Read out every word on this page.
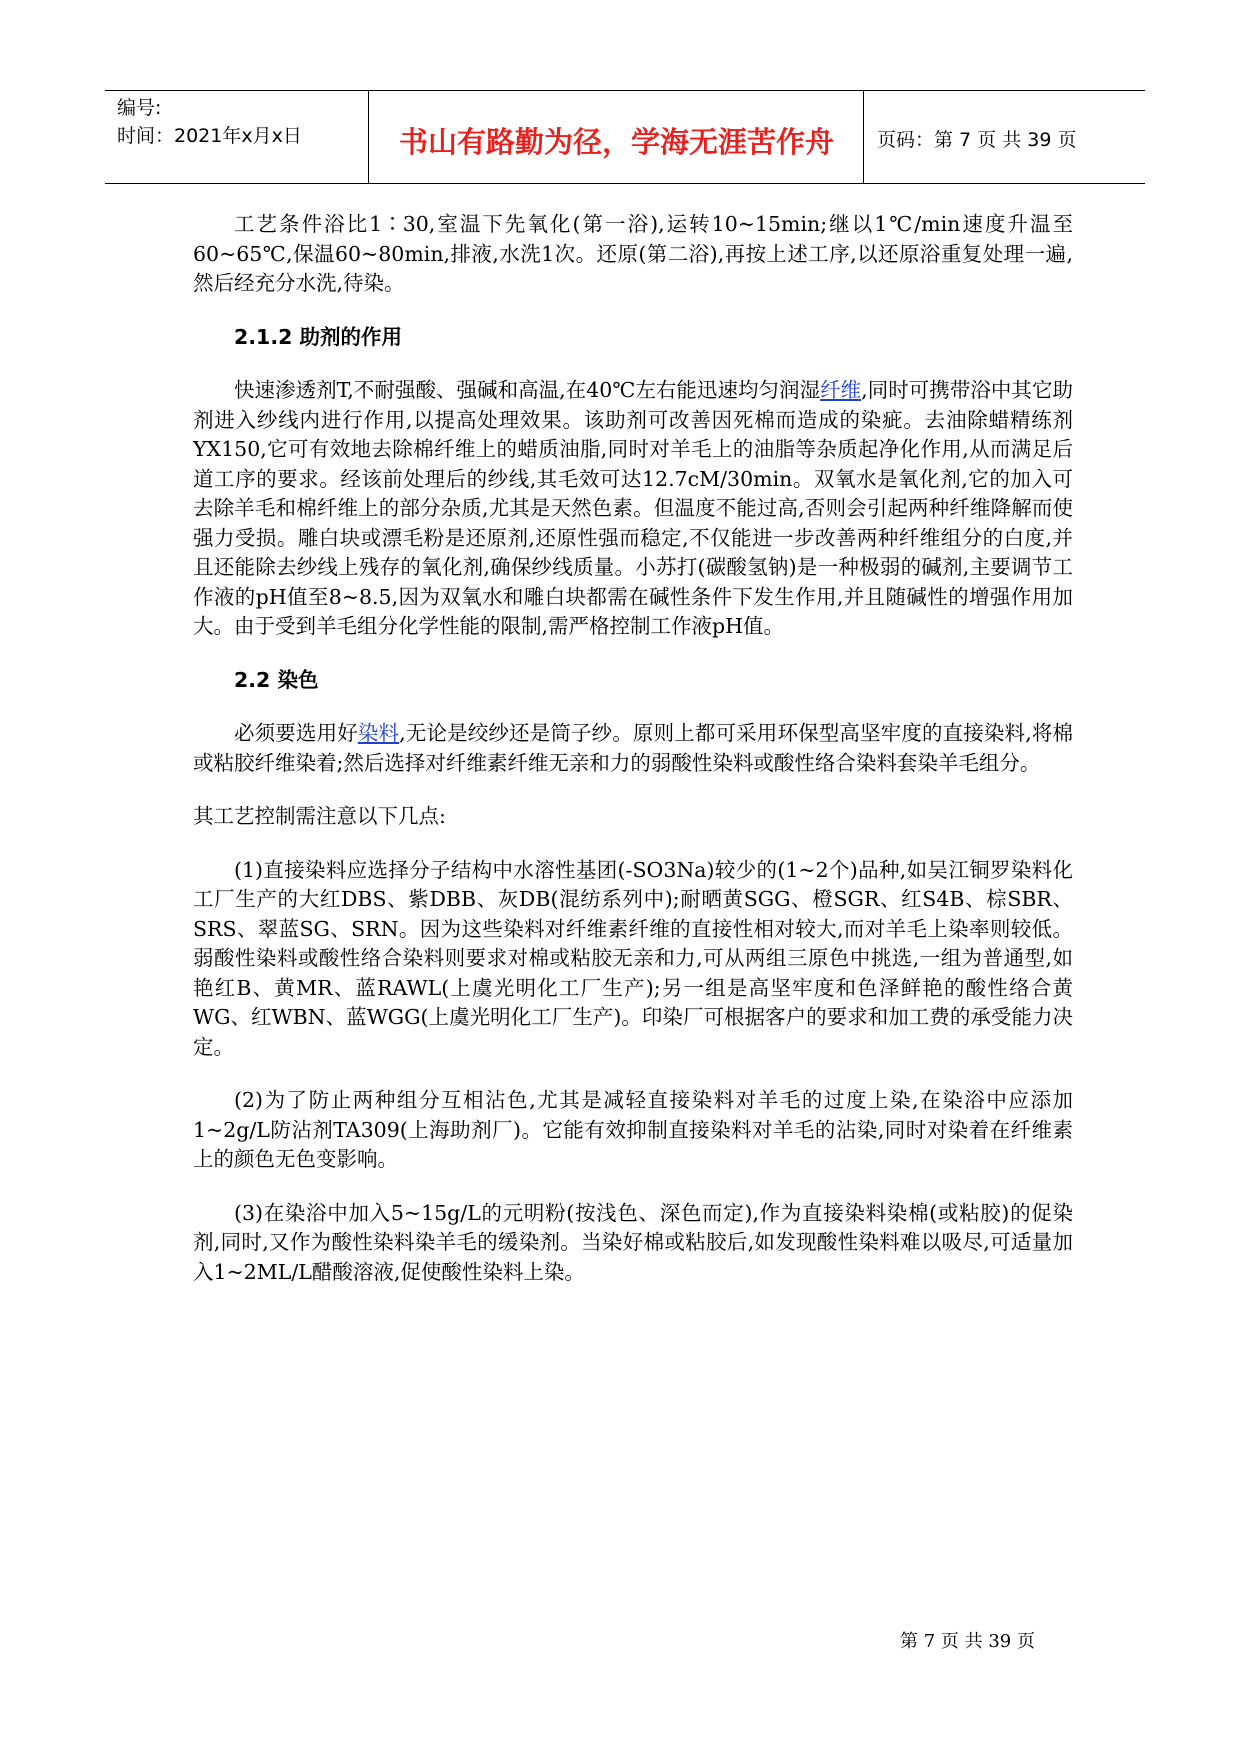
编号:
时间：2021年x月x日	书山有路勤为径，学海无涯苦作舟	页码：第 7 页 共 39 页

工艺条件浴比1∶30,室温下先氧化(第一浴),运转10~15min;继以1℃/min速度升温至60~65℃,保温60~80min,排液,水洗1次。还原(第二浴),再按上述工序,以还原浴重复处理一遍,然后经充分水洗,待染。

2.1.2 助剂的作用

快速渗透剂T,不耐强酸、强碱和高温,在40℃左右能迅速均匀润湿纤维,同时可携带浴中其它助剂进入纱线内进行作用,以提高处理效果。该助剂可改善因死棉而造成的染疵。去油除蜡精练剂YX150,它可有效地去除棉纤维上的蜡质油脂,同时对羊毛上的油脂等杂质起净化作用,从而满足后道工序的要求。经该前处理后的纱线,其毛效可达12.7cM/30min。双氧水是氧化剂,它的加入可去除羊毛和棉纤维上的部分杂质,尤其是天然色素。但温度不能过高,否则会引起两种纤维降解而使强力受损。雕白块或漂毛粉是还原剂,还原性强而稳定,不仅能进一步改善两种纤维组分的白度,并且还能除去纱线上残存的氧化剂,确保纱线质量。小苏打(碳酸氢钠)是一种极弱的碱剂,主要调节工作液的pH值至8~8.5,因为双氧水和雕白块都需在碱性条件下发生作用,并且随碱性的增强作用加大。由于受到羊毛组分化学性能的限制,需严格控制工作液pH值。

2.2 染色

必须要选用好染料,无论是绞纱还是筒子纱。原则上都可采用环保型高坚牢度的直接染料,将棉或粘胶纤维染着;然后选择对纤维素纤维无亲和力的弱酸性染料或酸性络合染料套染羊毛组分。

其工艺控制需注意以下几点:

(1)直接染料应选择分子结构中水溶性基团(-SO3Na)较少的(1~2个)品种,如吴江铜罗染料化工厂生产的大红DBS、紫DBB、灰DB(混纺系列中);耐晒黄SGG、橙SGR、红S4B、棕SBR、SRS、翠蓝SG、SRN。因为这些染料对纤维素纤维的直接性相对较大,而对羊毛上染率则较低。弱酸性染料或酸性络合染料则要求对棉或粘胶无亲和力,可从两组三原色中挑选,一组为普通型,如艳红B、黄MR、蓝RAWL(上虞光明化工厂生产);另一组是高坚牢度和色泽鲜艳的酸性络合黄WG、红WBN、蓝WGG(上虞光明化工厂生产)。印染厂可根据客户的要求和加工费的承受能力决定。

(2)为了防止两种组分互相沾色,尤其是减轻直接染料对羊毛的过度上染,在染浴中应添加1~2g/L防沾剂TA309(上海助剂厂)。它能有效抑制直接染料对羊毛的沾染,同时对染着在纤维素上的颜色无色变影响。

(3)在染浴中加入5~15g/L的元明粉(按浅色、深色而定),作为直接染料染棉(或粘胶)的促染剂,同时,又作为酸性染料染羊毛的缓染剂。当染好棉或粘胶后,如发现酸性染料难以吸尽,可适量加入1~2ML/L醋酸溶液,促使酸性染料上染。

第 7 页 共 39 页
